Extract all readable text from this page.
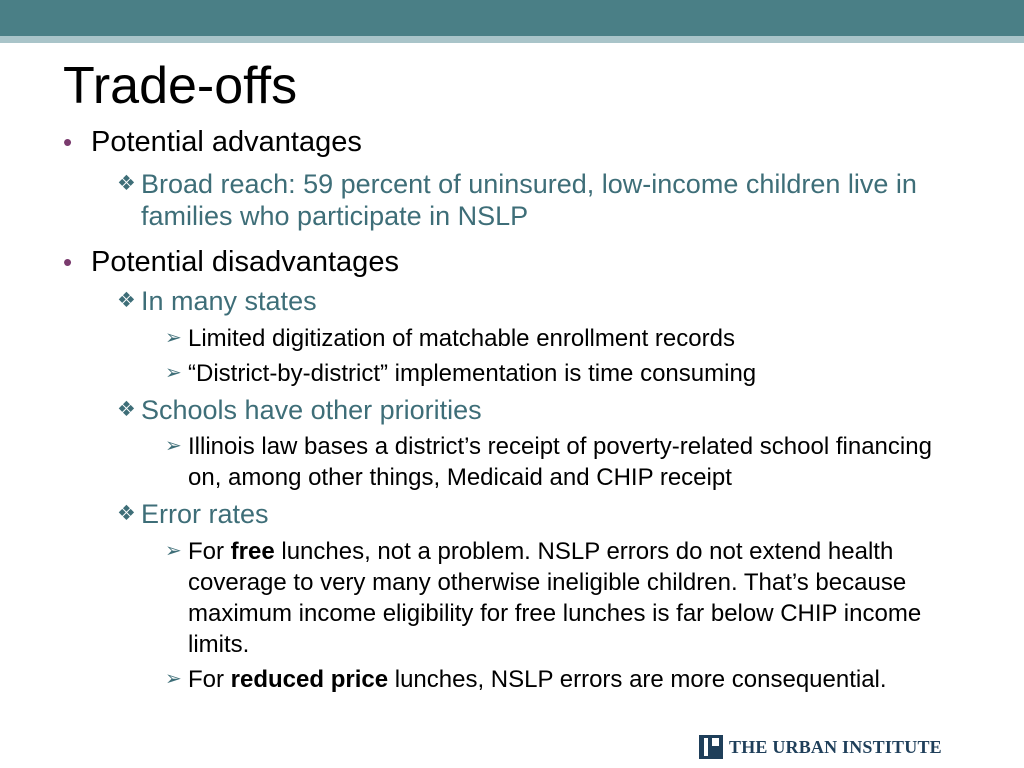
Trade-offs
• Potential advantages
❖ Broad reach: 59 percent of uninsured, low-income children live in families who participate in NSLP
• Potential disadvantages
❖ In many states
➢ Limited digitization of matchable enrollment records
➢ “District-by-district” implementation is time consuming
❖ Schools have other priorities
➢ Illinois law bases a district’s receipt of poverty-related school financing on, among other things, Medicaid and CHIP receipt
❖ Error rates
➢ For free lunches, not a problem. NSLP errors do not extend health coverage to very many otherwise ineligible children. That’s because maximum income eligibility for free lunches is far below CHIP income limits.
➢ For reduced price lunches, NSLP errors are more consequential.
THE URBAN INSTITUTE
